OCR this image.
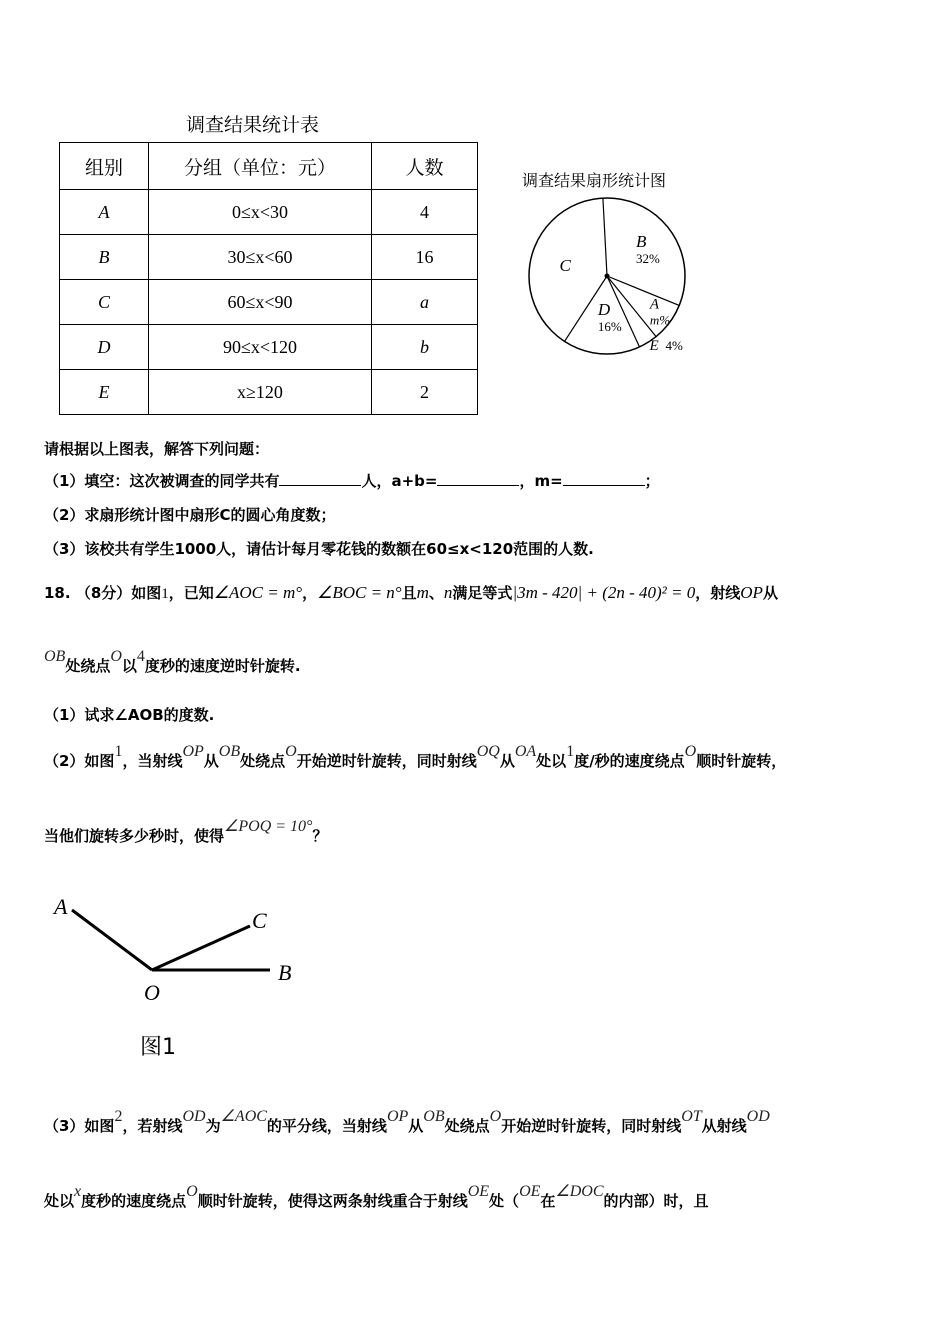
调查结果统计表
组别	分组（单位：元）	人数
A	0≤x<30	4
B	30≤x<60	16
C	60≤x<90	a
D	90≤x<120	b
E	x≥120	2
调查结果扇形统计图
B
32%
A
m%
E 4%
D
16%
C
请根据以上图表，解答下列问题：
（1）填空：这次被调查的同学共有	人，a+b=	，m=	；
（2）求扇形统计图中扇形C的圆心角度数；
（3）该校共有学生1000人，请估计每月零花钱的数额在60≤x<120范围的人数.
18. （8分）如图1，已知∠AOC = m°，∠BOC = n°且m、n满足等式|3m - 420| + (2n - 40)² = 0，射线OP从
OB处绕点O以4度秒的速度逆时针旋转.
（1）试求∠AOB的度数.
（2）如图1，当射线OP从OB处绕点O开始逆时针旋转，同时射线OQ从OA处以1度/秒的速度绕点O顺时针旋转，
当他们旋转多少秒时，使得∠POQ = 10°？
A
C
O
B
图1
（3）如图2，若射线OD为∠AOC的平分线，当射线OP从OB处绕点O开始逆时针旋转，同时射线OT从射线OD
处以x度秒的速度绕点O顺时针旋转，使得这两条射线重合于射线OE处（OE在∠DOC的内部）时，且
